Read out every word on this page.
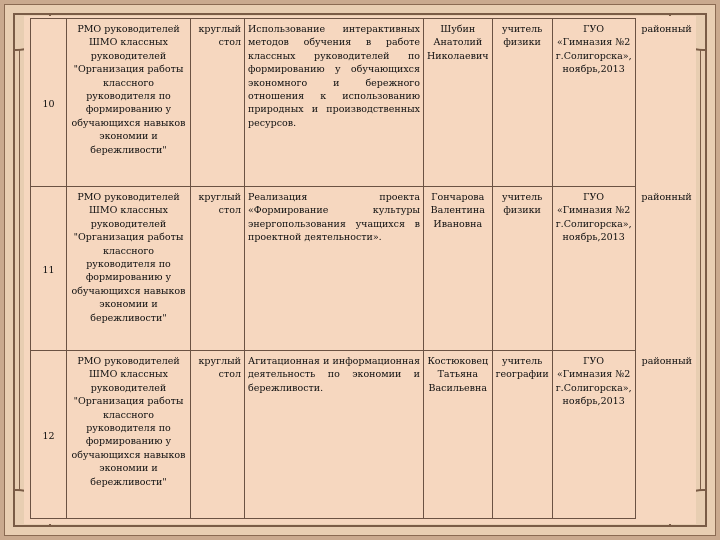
10	РМО руководителей ШМО классных руководителей "Организация работы классного руководителя по формированию у обучающихся навыков экономии и бережливости"	круглый стол	Использование интерактивных методов обучения в работе классных руководителей по формированию у обучающихся экономного и бережного отношения к использованию природных и производственных ресурсов.	Шубин Анатолий Николаевич	учитель физики	ГУО «Гимназия №2 г.Солигорска», ноябрь,2013	районный
11	РМО руководителей ШМО классных руководителей "Организация работы классного руководителя по формированию у обучающихся навыков экономии и бережливости"	круглый стол	Реализация проекта «Формирование культуры энергопользования учащихся в проектной деятельности».	Гончарова Валентина Ивановна	учитель физики	ГУО «Гимназия №2 г.Солигорска», ноябрь,2013	районный
12	РМО руководителей ШМО классных руководителей "Организация работы классного руководителя по формированию у обучающихся навыков экономии и бережливости"	круглый стол	Агитационная и информационная деятельность по экономии и бережливости.	Костюковец Татьяна Васильевна	учитель географии	ГУО «Гимназия №2 г.Солигорска», ноябрь,2013	районный
